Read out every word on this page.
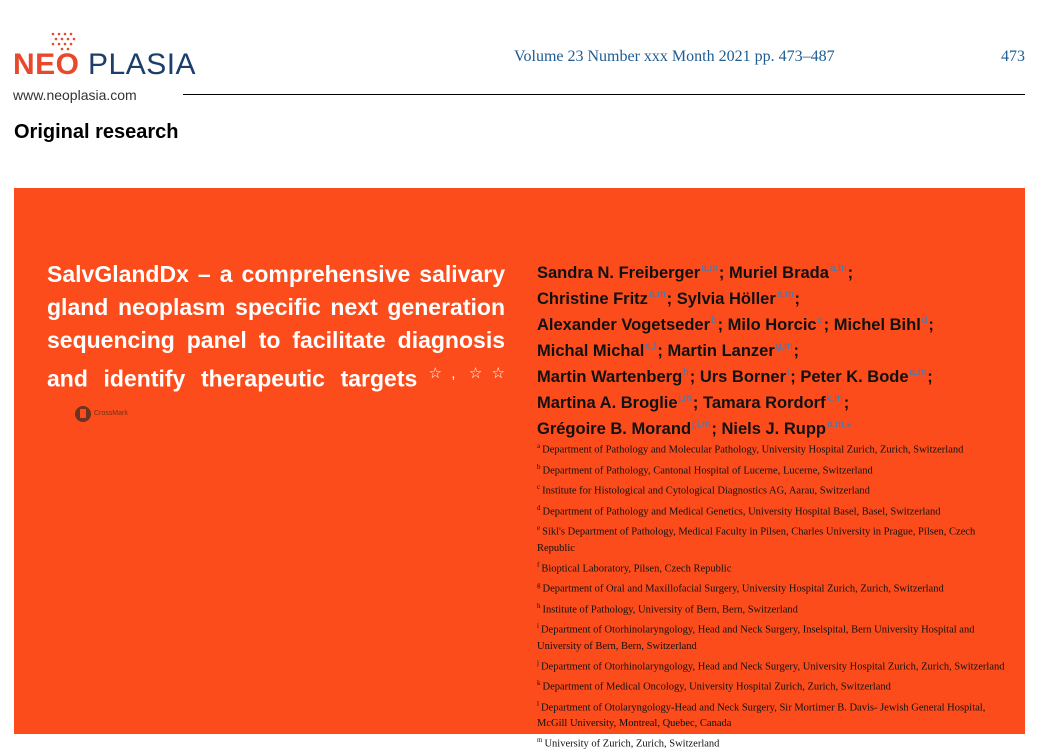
NEO PLASIA
www.neoplasia.com
Volume 23 Number xxx Month 2021 pp. 473–487	473
Original research
SalvGlandDx – a comprehensive salivary gland neoplasm specific next generation sequencing panel to facilitate diagnosis and identify therapeutic targets ☆, ☆☆
CrossMark
Sandra N. Freiberger$^{a,m}$; Muriel Brada$^{a,m}$;
Christine Fritz$^{a,m}$; Sylvia Höller$^{a,m}$;
Alexander Vogetseder$^b$; Milo Horcic$^c$; Michel Bihl$^d$;
Michal Michal$^{e,f}$; Martin Lanzer$^{g,m}$;
Martin Wartenberg$^h$; Urs Borner$^i$; Peter K. Bode$^{a,m}$;
Martina A. Broglie$^{j,m}$; Tamara Rordorf$^{k,m}$;
Grégoire B. Morand$^{j,l,m}$; Niels J. Rupp$^{a,m,⁎}$
$^a$ Department of Pathology and Molecular Pathology, University Hospital Zurich, Zurich, Switzerland
$^b$ Department of Pathology, Cantonal Hospital of Lucerne, Lucerne, Switzerland
$^c$ Institute for Histological and Cytological Diagnostics AG, Aarau, Switzerland
$^d$ Department of Pathology and Medical Genetics, University Hospital Basel, Basel, Switzerland
$^e$ Sikl's Department of Pathology, Medical Faculty in Pilsen, Charles University in Prague, Pilsen, Czech Republic
$^f$ Bioptical Laboratory, Pilsen, Czech Republic
$^g$ Department of Oral and Maxillofacial Surgery, University Hospital Zurich, Zurich, Switzerland
$^h$ Institute of Pathology, University of Bern, Bern, Switzerland
$^i$ Department of Otorhinolaryngology, Head and Neck Surgery, Inselspital, Bern University Hospital and University of Bern, Bern, Switzerland
$^j$ Department of Otorhinolaryngology, Head and Neck Surgery, University Hospital Zurich, Zurich, Switzerland
$^k$ Department of Medical Oncology, University Hospital Zurich, Zurich, Switzerland
$^l$ Department of Otolaryngology-Head and Neck Surgery, Sir Mortimer B. Davis- Jewish General Hospital, McGill University, Montreal, Quebec, Canada
$^m$ University of Zurich, Zurich, Switzerland
